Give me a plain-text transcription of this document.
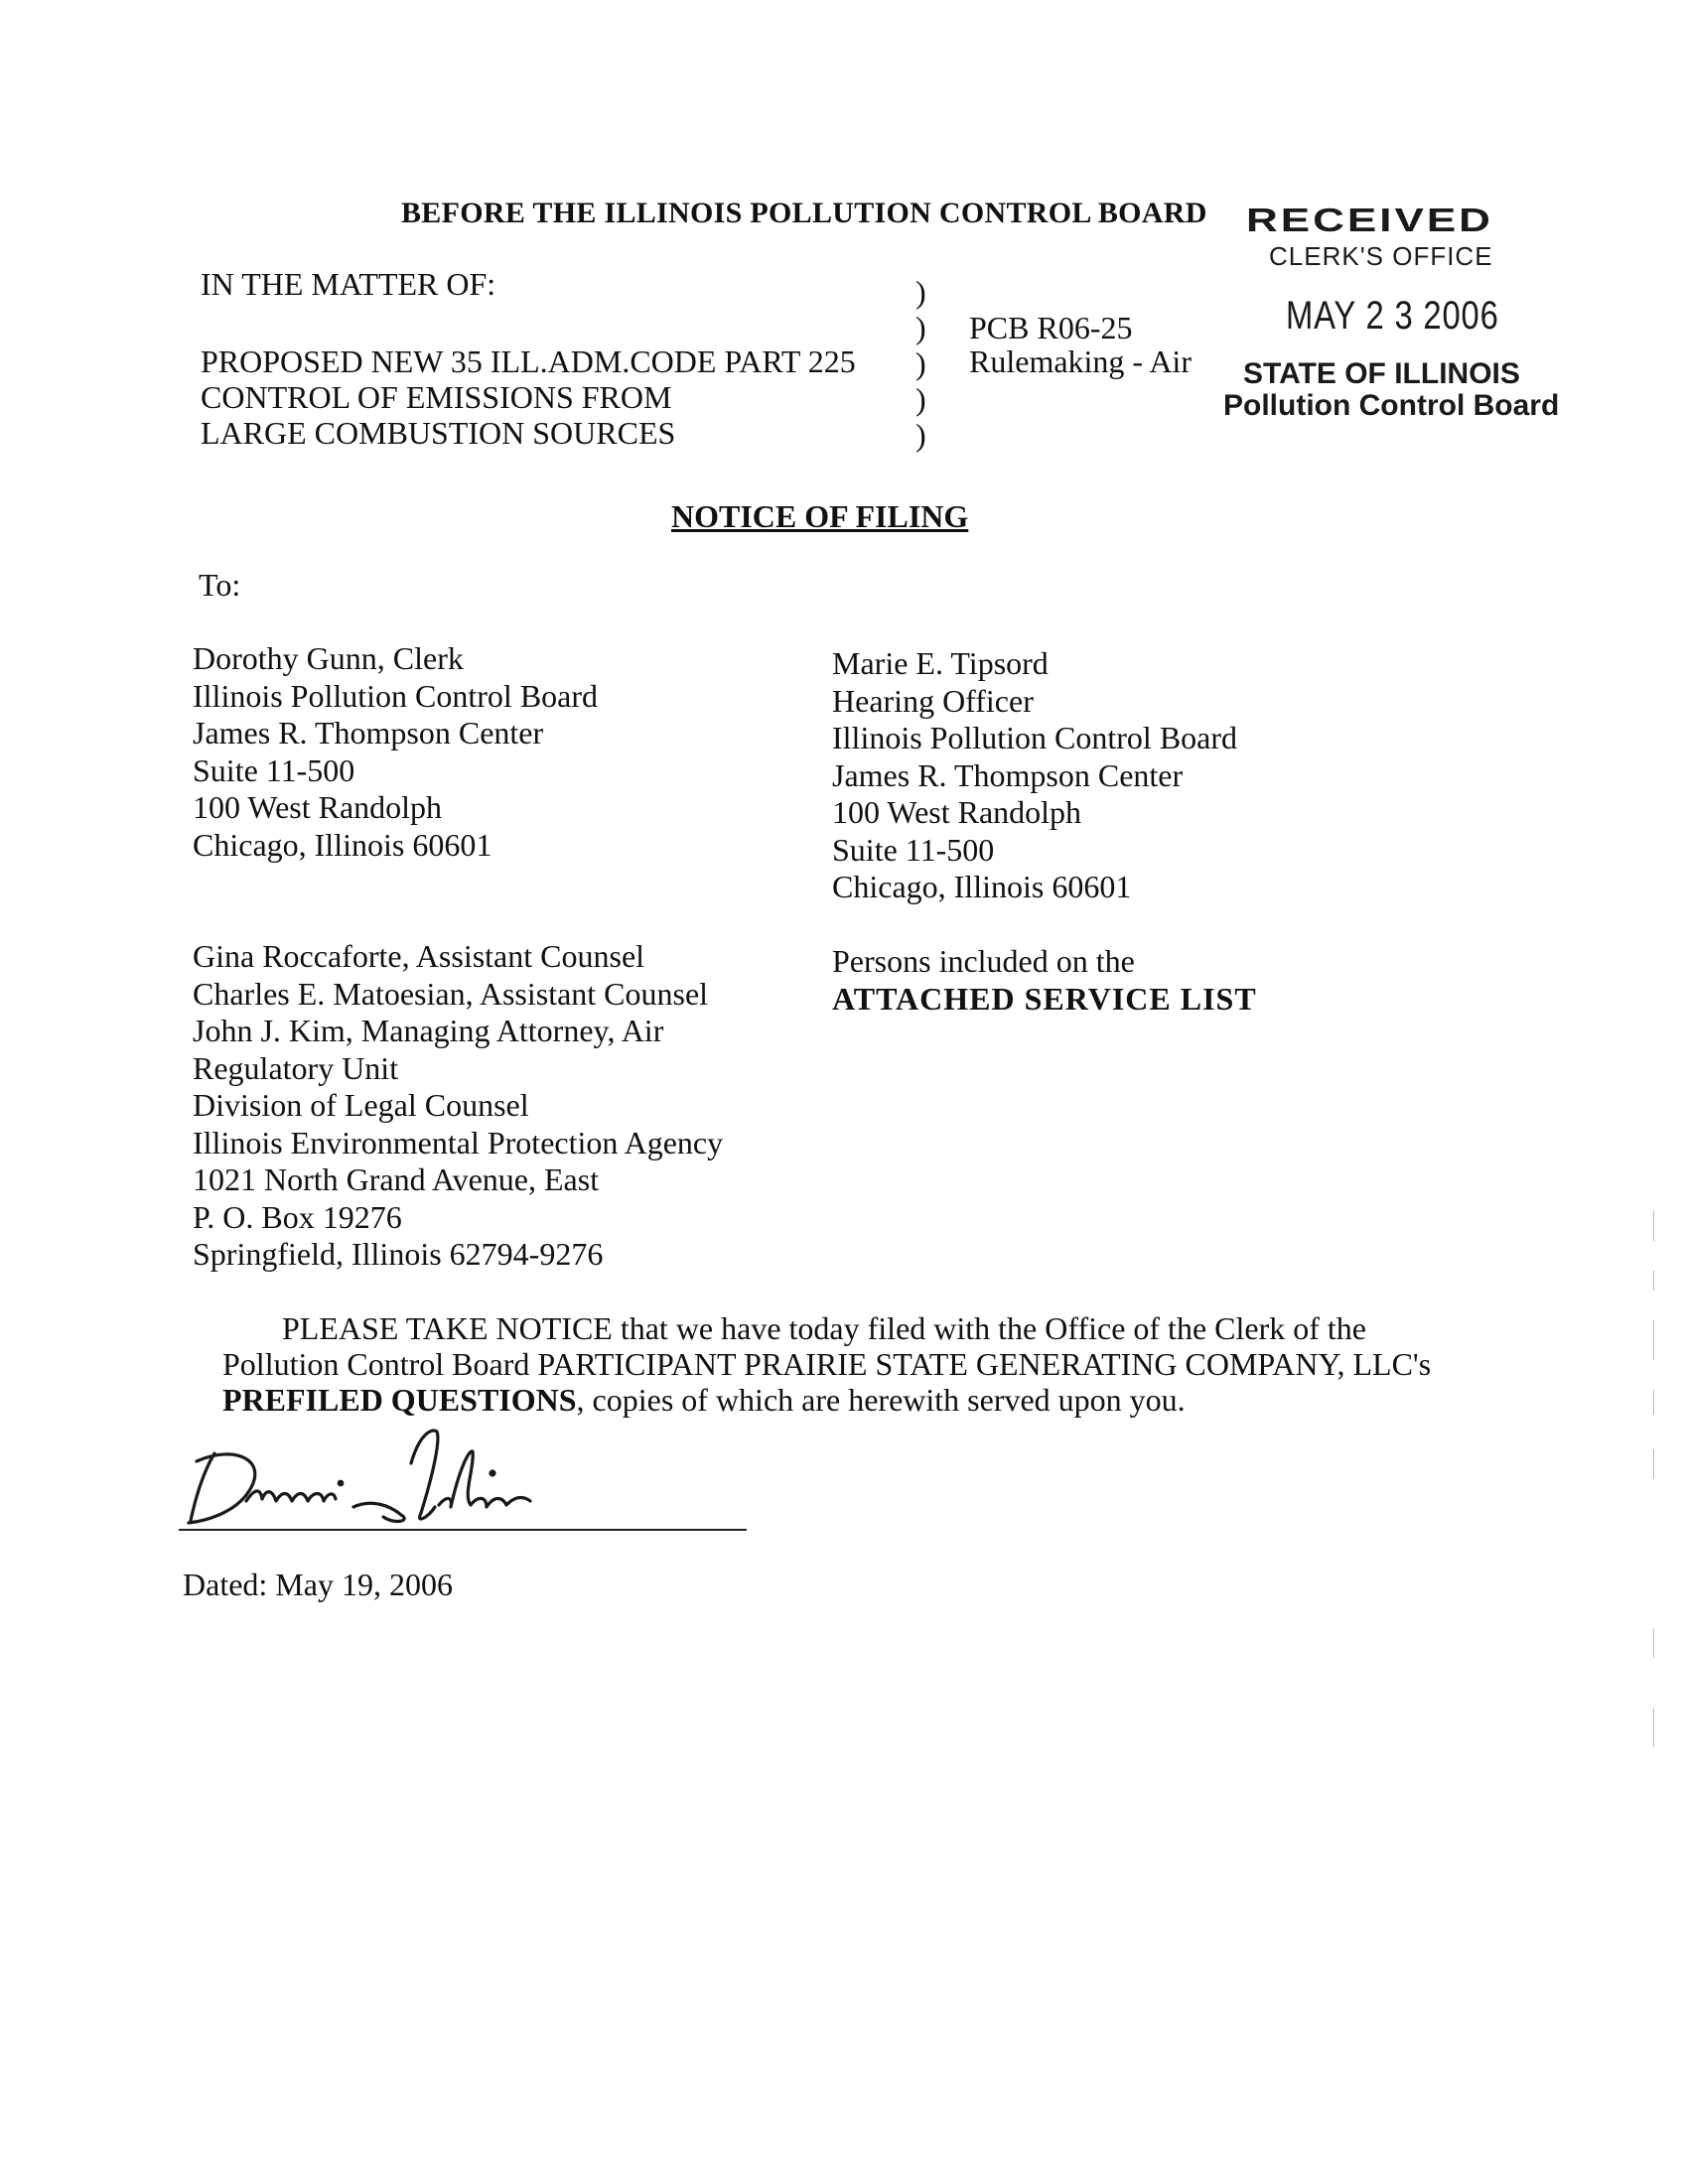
BEFORE THE ILLINOIS POLLUTION CONTROL BOARD RECEIVED
CLERK'S OFFICE
MAY 2 3 2006
STATE OF ILLINOIS
Pollution Control Board
IN THE MATTER OF:
PROPOSED NEW 35 ILL.ADM.CODE PART 225
CONTROL OF EMISSIONS FROM
LARGE COMBUSTION SOURCES
)
)
)
)
)
PCB R06-25
Rulemaking - Air
NOTICE OF FILING
To:
Dorothy Gunn, Clerk
Illinois Pollution Control Board
James R. Thompson Center
Suite 11-500
100 West Randolph
Chicago, Illinois 60601
Marie E. Tipsord
Hearing Officer
Illinois Pollution Control Board
James R. Thompson Center
100 West Randolph
Suite 11-500
Chicago, Illinois 60601
Gina Roccaforte, Assistant Counsel
Charles E. Matoesian, Assistant Counsel
John J. Kim, Managing Attorney, Air
Regulatory Unit
Division of Legal Counsel
Illinois Environmental Protection Agency
1021 North Grand Avenue, East
P. O. Box 19276
Springfield, Illinois 62794-9276
Persons included on the
ATTACHED SERVICE LIST
PLEASE TAKE NOTICE that we have today filed with the Office of the Clerk of the
Pollution Control Board PARTICIPANT PRAIRIE STATE GENERATING COMPANY, LLC's
PREFILED QUESTIONS, copies of which are herewith served upon you.
Dated: May 19, 2006
